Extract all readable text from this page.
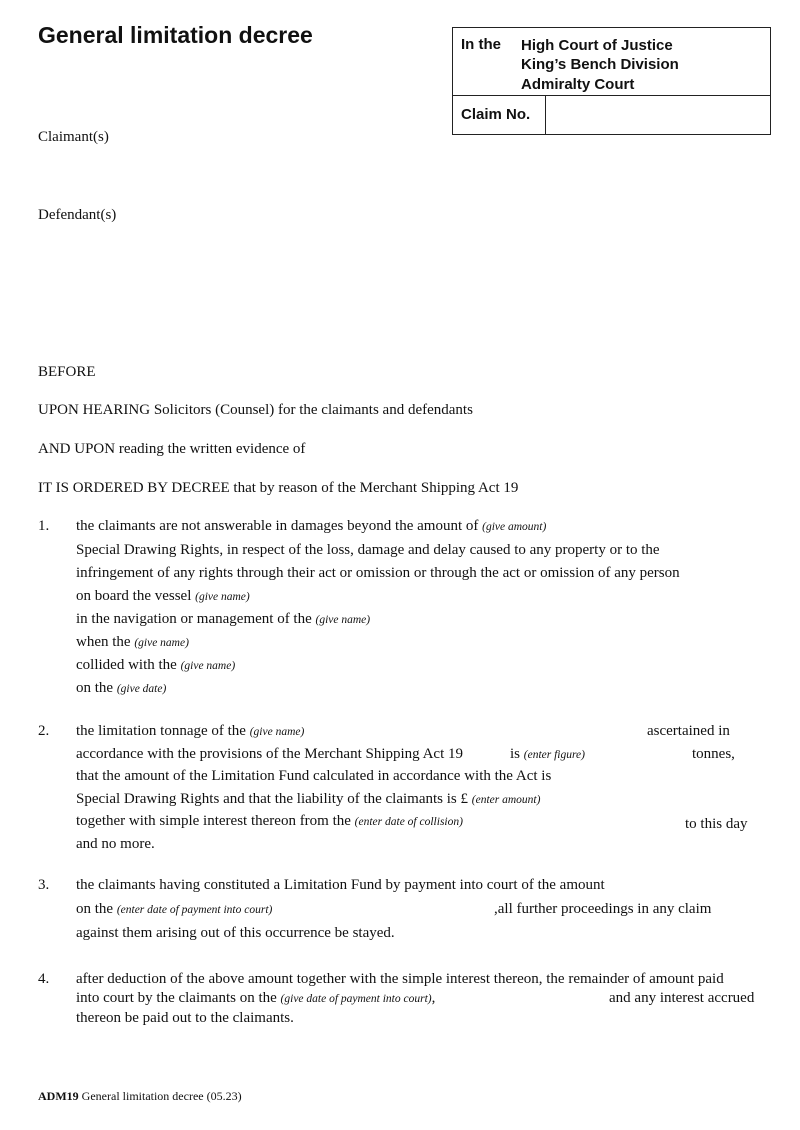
General limitation decree	In the High Court of Justice
King’s Bench Division
Admiralty Court
Claim No.
Claimant(s)
Defendant(s)
BEFORE
UPON HEARING Solicitors (Counsel) for the claimants and defendants
AND UPON reading the written evidence of
IT IS ORDERED BY DECREE that by reason of the Merchant Shipping Act 19
1. the claimants are not answerable in damages beyond the amount of (give amount)
Special Drawing Rights, in respect of the loss, damage and delay caused to any property or to the
infringement of any rights through their act or omission or through the act or omission of any person
on board the vessel (give name)
in the navigation or management of the (give name)
when the (give name)
collided with the (give name)
on the (give date)
2. the limitation tonnage of the (give name)	ascertained in
accordance with the provisions of the Merchant Shipping Act 19	is (enter figure)	tonnes,
that the amount of the Limitation Fund calculated in accordance with the Act is
Special Drawing Rights and that the liability of the claimants is £ (enter amount)
together with simple interest thereon from the (enter date of collision)	to this day
and no more.
3. the claimants having constituted a Limitation Fund by payment into court of the amount
on the (enter date of payment into court)	,all further proceedings in any claim
against them arising out of this occurrence be stayed.
4. after deduction of the above amount together with the simple interest thereon, the remainder of amount paid
into court by the claimants on the (give date of payment into court),	and any interest accrued
thereon be paid out to the claimants.
ADM19 General limitation decree (05.23)
